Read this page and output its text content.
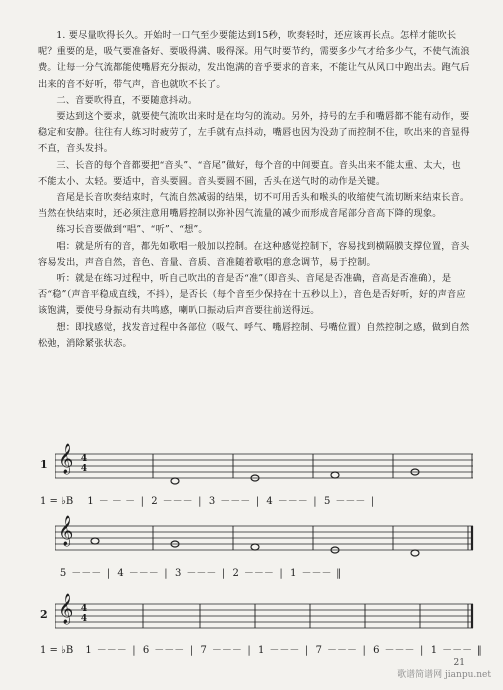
1. 要尽量吹得长久。开始时一口气至少要能达到15秒，吹奏轻时，还应该再长点。怎样才能吹长呢？重要的是，吸气要准备好、要吸得满、吸得深。用气时要节约，需要多少气才给多少气，不使气流浪费。让每一分气流都能使嘴唇充分振动，发出饱满的音乎要求的音来，不能让气从风口中跑出去。跑气后出来的音不好听，带气声，音也就吹不长了。

二、音要吹得直，不要随意抖动。

要达到这个要求，就要使气流吹出来时是在均匀的流动。另外，持号的左手和嘴唇都不能有动作，要稳定和安静。往往有人练习时疲劳了，左手就有点抖动，嘴唇也因为没劲了而控制不住，吹出来的音显得不直，音头发抖。

三、长音的每个音都要把“音头”、“音尾”做好，每个音的中间要直。音头出来不能太重、太大，也不能太小、太轻。要适中，音头要圆。音头要圆不圆，舌头在送气时的动作是关键。

音尾是长音吹奏结束时，气流自然减弱的结果，切不可用舌头和喉头的收缩使气流切断来结束长音。当然在快结束时，还必须注意用嘴唇控制以弥补因气流量的减少而形成音尾部分音高下降的现象。

练习长音要做到“唱”、“听”、“想”。

唱：就是所有的音，都先如歌唱一般加以控制。在这种感觉控制下，容易找到横隔膜支撑位置，音头容易发出，声音自然，音色、音量、音质、音准随着歌唱的意念调节，易于控制。

听：就是在练习过程中，听自己吹出的音是否“准”（即音头、音尾是否准确，音高是否准确），是否“稳”（声音平稳成直线，不抖），是否长（每个音至少保持在十五秒以上），音色是否好听，好的声音应该饱满，要使号身振动有共鸣感，喇叭口振动后声音要往前送得远。

想：即找感觉，找发音过程中各部位（吸气、呼气、嘴唇控制、号嘴位置）自然控制之感，做到自然松弛，消除紧张状态。

1 𝄞 4
4
1 = ♭B 1 － － － | 2 －－－ | 3 －－－ | 4 －－－ | 5 －－－ |
𝄞
5 －－－ | 4 －－－ | 3 －－－ | 2 －－－ | 1 －－－ ‖
2 𝄞 4
4
1 = ♭B 1 －－－ | 6 －－－ | 7 －－－ | 1 －－－ | 7 －－－ | 6 －－－ | 1 －－－ ‖
21
歌谱简谱网 jianpu.net
